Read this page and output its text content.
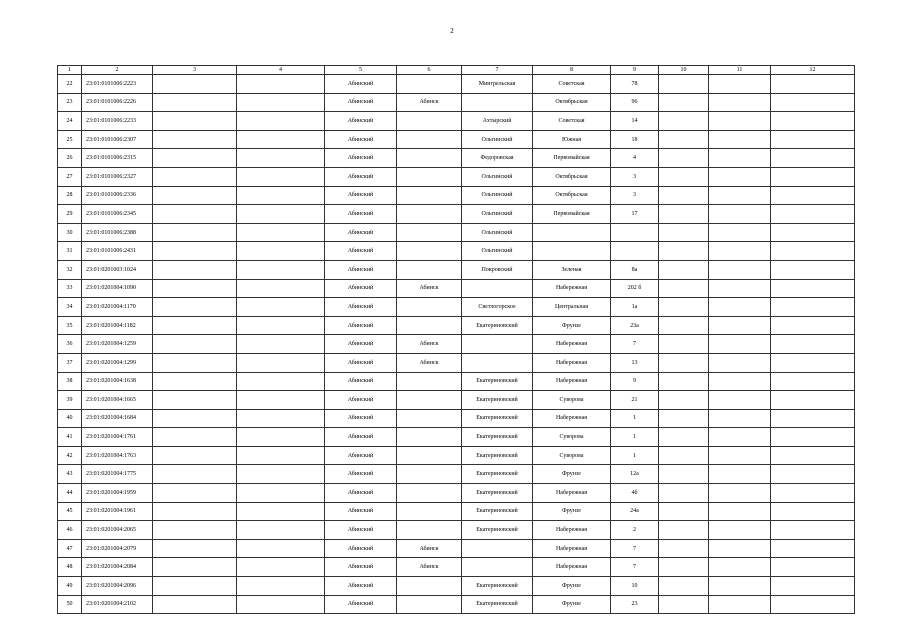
2
1	2	3	4	5	6	7	8	9	10	11	12
22	23:01:0101006:2223			Абинский		Мингрельская	Советская	78			
23	23:01:0101006:2226			Абинский	Абинск		Октябрьская	96			
24	23:01:0101006:2233			Абинский		Ахтырский	Советская	14			
25	23:01:0101006:2307			Абинский		Ольгинский	Южная	18			
26	23:01:0101006:2315			Абинский		Федоровская	Первомайская	4			
27	23:01:0101006:2327			Абинский		Ольгинский	Октябрьская	3			
28	23:01:0101006:2336			Абинский		Ольгинский	Октябрьская	3			
29	23:01:0101006:2345			Абинский		Ольгинский	Первомайская	17			
30	23:01:0101006:2388			Абинский		Ольгинский					
31	23:01:0101006:2431			Абинский		Ольгинский					
32	23:01:0201003:1024			Абинский		Покровский	Зеленая	8а			
33	23:01:0201004:1090			Абинский	Абинск		Набережная	202 б			
34	23:01:0201004:1170			Абинский		Светлогорское	Центральная	1а			
35	23:01:0201004:1182			Абинский		Екатериновский	Фрунзе	23а			
36	23:01:0201004:1259			Абинский	Абинск		Набережная	7			
37	23:01:0201004:1299			Абинский	Абинск		Набережная	13			
38	23:01:0201004:1638			Абинский		Екатериновский	Набережная	9			
39	23:01:0201004:1665			Абинский		Екатериновский	Суворова	21			
40	23:01:0201004:1684			Абинский		Екатериновский	Набережная	1			
41	23:01:0201004:1761			Абинский		Екатериновский	Суворова	1			
42	23:01:0201004:1763			Абинский		Екатериновский	Суворова	1			
43	23:01:0201004:1775			Абинский		Екатериновский	Фрунзе	12а			
44	23:01:0201004:1959			Абинский		Екатериновский	Набережная	4б			
45	23:01:0201004:1961			Абинский		Екатериновский	Фрунзе	24а			
46	23:01:0201004:2065			Абинский		Екатериновский	Набережная	2			
47	23:01:0201004:2079			Абинский	Абинск		Набережная	7			
48	23:01:0201004:2084			Абинский	Абинск		Набережная	7			
49	23:01:0201004:2096			Абинский		Екатериновский	Фрунзе	10			
50	23:01:0201004:2102			Абинский		Екатериновский	Фрунзе	23			
